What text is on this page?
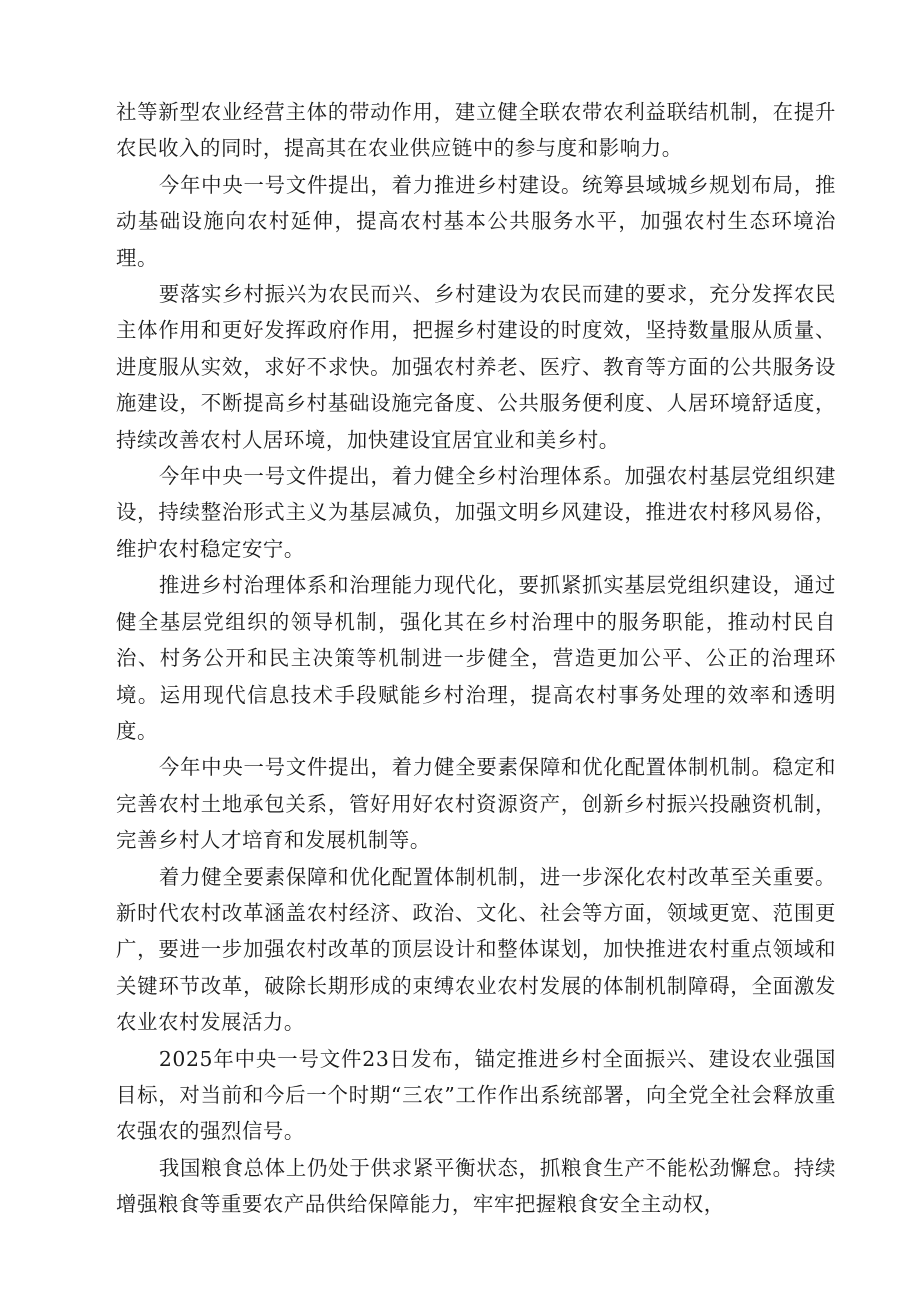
社等新型农业经营主体的带动作用，建立健全联农带农利益联结机制，在提升农民收入的同时，提高其在农业供应链中的参与度和影响力。

今年中央一号文件提出，着力推进乡村建设。统筹县域城乡规划布局，推动基础设施向农村延伸，提高农村基本公共服务水平，加强农村生态环境治理。

要落实乡村振兴为农民而兴、乡村建设为农民而建的要求，充分发挥农民主体作用和更好发挥政府作用，把握乡村建设的时度效，坚持数量服从质量、进度服从实效，求好不求快。加强农村养老、医疗、教育等方面的公共服务设施建设，不断提高乡村基础设施完备度、公共服务便利度、人居环境舒适度，持续改善农村人居环境，加快建设宜居宜业和美乡村。

今年中央一号文件提出，着力健全乡村治理体系。加强农村基层党组织建设，持续整治形式主义为基层减负，加强文明乡风建设，推进农村移风易俗，维护农村稳定安宁。

推进乡村治理体系和治理能力现代化，要抓紧抓实基层党组织建设，通过健全基层党组织的领导机制，强化其在乡村治理中的服务职能，推动村民自治、村务公开和民主决策等机制进一步健全，营造更加公平、公正的治理环境。运用现代信息技术手段赋能乡村治理，提高农村事务处理的效率和透明度。

今年中央一号文件提出，着力健全要素保障和优化配置体制机制。稳定和完善农村土地承包关系，管好用好农村资源资产，创新乡村振兴投融资机制，完善乡村人才培育和发展机制等。

着力健全要素保障和优化配置体制机制，进一步深化农村改革至关重要。新时代农村改革涵盖农村经济、政治、文化、社会等方面，领域更宽、范围更广，要进一步加强农村改革的顶层设计和整体谋划，加快推进农村重点领域和关键环节改革，破除长期形成的束缚农业农村发展的体制机制障碍，全面激发农业农村发展活力。

2025年中央一号文件23日发布，锚定推进乡村全面振兴、建设农业强国目标，对当前和今后一个时期“三农”工作作出系统部署，向全党全社会释放重农强农的强烈信号。

我国粮食总体上仍处于供求紧平衡状态，抓粮食生产不能松劲懈怠。持续增强粮食等重要农产品供给保障能力，牢牢把握粮食安全主动权，
